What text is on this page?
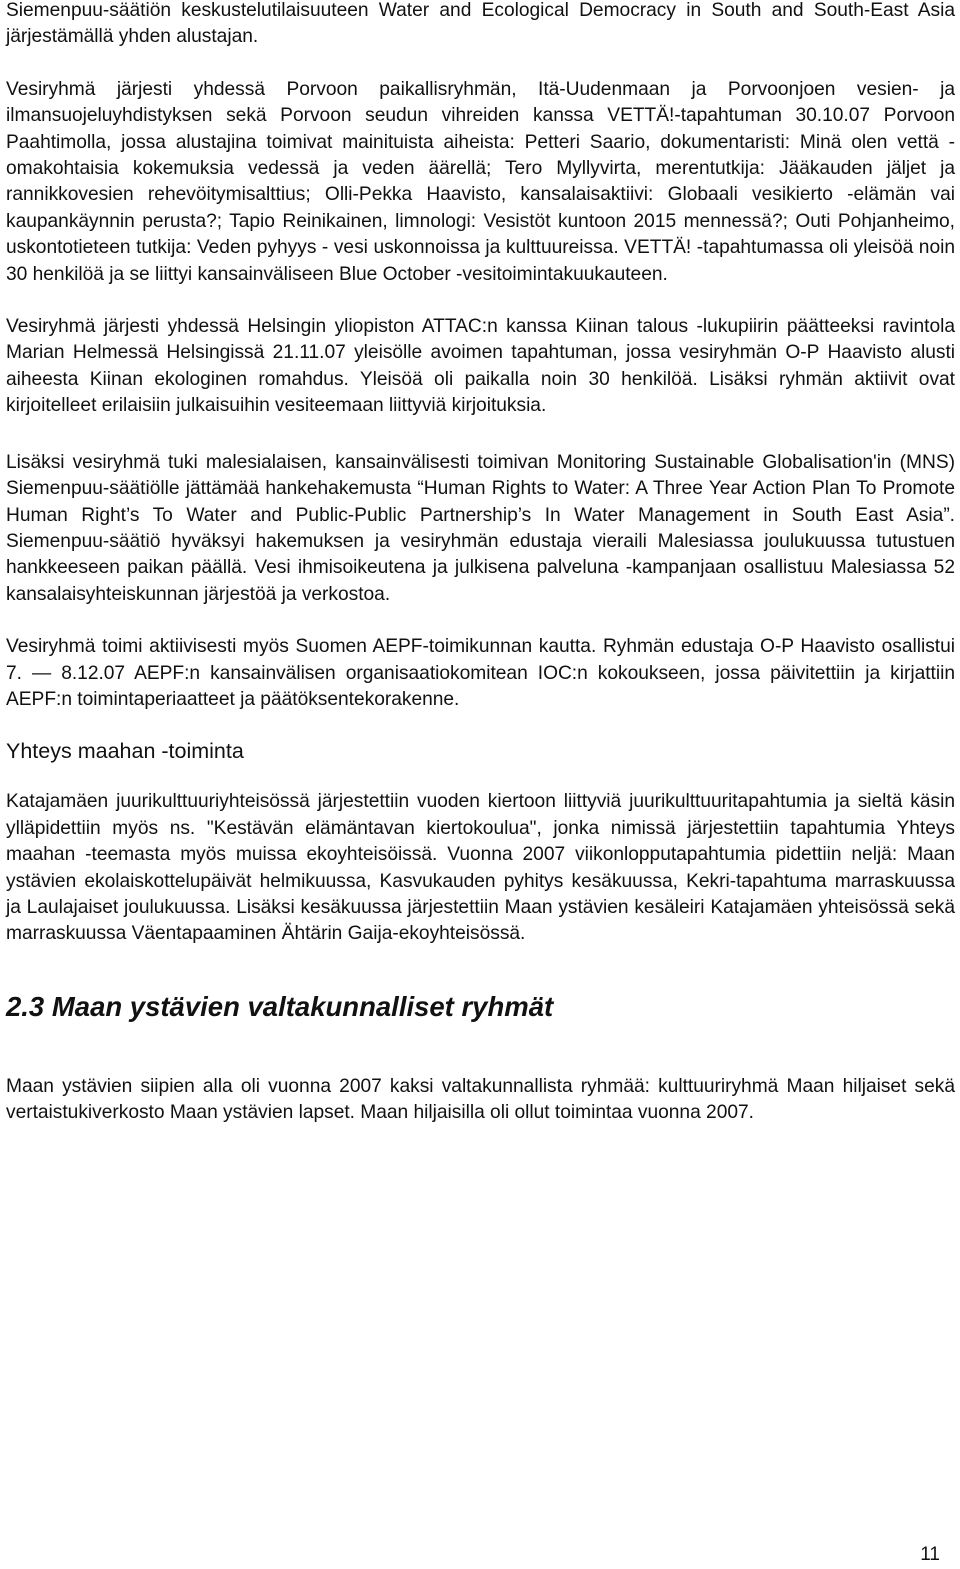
Siemenpuu-säätiön keskustelutilaisuuteen Water and Ecological Democracy in South and South-East Asia järjestämällä yhden alustajan.

Vesiryhmä järjesti yhdessä Porvoon paikallisryhmän, Itä-Uudenmaan ja Porvoonjoen vesien- ja ilmansuojeluyhdistyksen sekä Porvoon seudun vihreiden kanssa VETTÄ!-tapahtuman 30.10.07 Porvoon Paahtimolla, jossa alustajina toimivat mainituista aiheista: Petteri Saario, dokumentaristi: Minä olen vettä -omakohtaisia kokemuksia vedessä ja veden äärellä; Tero Myllyvirta, merentutkija: Jääkauden jäljet ja rannikkovesien rehevöitymisalttius; Olli-Pekka Haavisto, kansalaisaktiivi: Globaali vesikierto -elämän vai kaupankäynnin perusta?; Tapio Reinikainen, limnologi: Vesistöt kuntoon 2015 mennessä?; Outi Pohjanheimo, uskontotieteen tutkija: Veden pyhyys - vesi uskonnoissa ja kulttuureissa. VETTÄ! -tapahtumassa oli yleisöä noin 30 henkilöä ja se liittyi kansainväliseen Blue October -vesitoimintakuukauteen.

Vesiryhmä järjesti yhdessä Helsingin yliopiston ATTAC:n kanssa Kiinan talous -lukupiirin päätteeksi ravintola Marian Helmessä Helsingissä 21.11.07 yleisölle avoimen tapahtuman, jossa vesiryhmän O-P Haavisto alusti aiheesta Kiinan ekologinen romahdus. Yleisöä oli paikalla noin 30 henkilöä. Lisäksi ryhmän aktiivit ovat kirjoitelleet erilaisiin julkaisuihin vesiteemaan liittyviä kirjoituksia.

Lisäksi vesiryhmä tuki malesialaisen, kansainvälisesti toimivan Monitoring Sustainable Globalisation'in (MNS) Siemenpuu-säätiölle jättämää hankehakemusta “Human Rights to Water: A Three Year Action Plan To Promote Human Right’s To Water and Public-Public Partnership’s In Water Management in South East Asia”. Siemenpuu-säätiö hyväksyi hakemuksen ja vesiryhmän edustaja vieraili Malesiassa joulukuussa tutustuen hankkeeseen paikan päällä. Vesi ihmisoikeutena ja julkisena palveluna -kampanjaan osallistuu Malesiassa 52 kansalaisyhteiskunnan järjestöä ja verkostoa.

Vesiryhmä toimi aktiivisesti myös Suomen AEPF-toimikunnan kautta. Ryhmän edustaja O-P Haavisto osallistui 7. — 8.12.07 AEPF:n kansainvälisen organisaatiokomitean IOC:n kokoukseen, jossa päivitettiin ja kirjattiin AEPF:n toimintaperiaatteet ja päätöksentekorakenne.

Yhteys maahan -toiminta

Katajamäen juurikulttuuriyhteisössä järjestettiin vuoden kiertoon liittyviä juurikulttuuritapahtumia ja sieltä käsin ylläpidettiin myös ns. "Kestävän elämäntavan kiertokoulua", jonka nimissä järjestettiin tapahtumia Yhteys maahan -teemasta myös muissa ekoyhteisöissä. Vuonna 2007 viikonlopputapahtumia pidettiin neljä: Maan ystävien ekolaiskottelupäivät helmikuussa, Kasvukauden pyhitys kesäkuussa, Kekri-tapahtuma marraskuussa ja Laulajaiset joulukuussa. Lisäksi kesäkuussa järjestettiin Maan ystävien kesäleiri Katajamäen yhteisössä sekä marraskuussa Väentapaaminen Ähtärin Gaija-ekoyhteisössä.

2.3 Maan ystävien valtakunnalliset ryhmät

Maan ystävien siipien alla oli vuonna 2007 kaksi valtakunnallista ryhmää: kulttuuriryhmä Maan hiljaiset sekä vertaistukiverkosto Maan ystävien lapset. Maan hiljaisilla oli ollut toimintaa vuonna 2007.

11
